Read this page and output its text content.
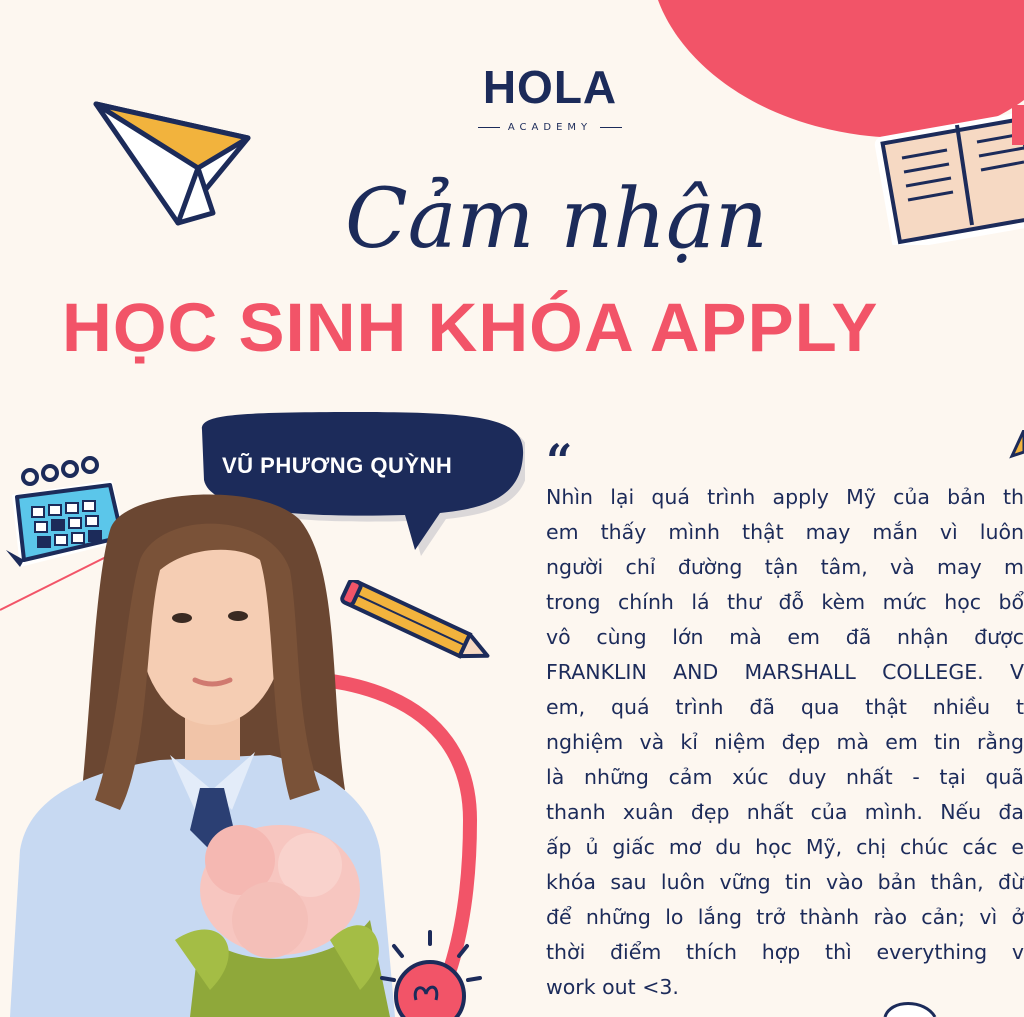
HOLA
ACADEMY
Cảm nhận
HỌC SINH KHÓA APPLY
VŨ PHƯƠNG QUỲNH	“
Nhìn lại quá trình apply Mỹ của bản th
em thấy mình thật may mắn vì luôn
người chỉ đường tận tâm, và may m
trong chính lá thư đỗ kèm mức học bổ
vô cùng lớn mà em đã nhận được
FRANKLIN AND MARSHALL COLLEGE. V
em, quá trình đã qua thật nhiều t
nghiệm và kỉ niệm đẹp mà em tin rằng
là những cảm xúc duy nhất - tại quã
thanh xuân đẹp nhất của mình. Nếu đa
ấp ủ giấc mơ du học Mỹ, chị chúc các e
khóa sau luôn vững tin vào bản thân, đừ
để những lo lắng trở thành rào cản; vì ở
thời điểm thích hợp thì everything v
work out <3.
